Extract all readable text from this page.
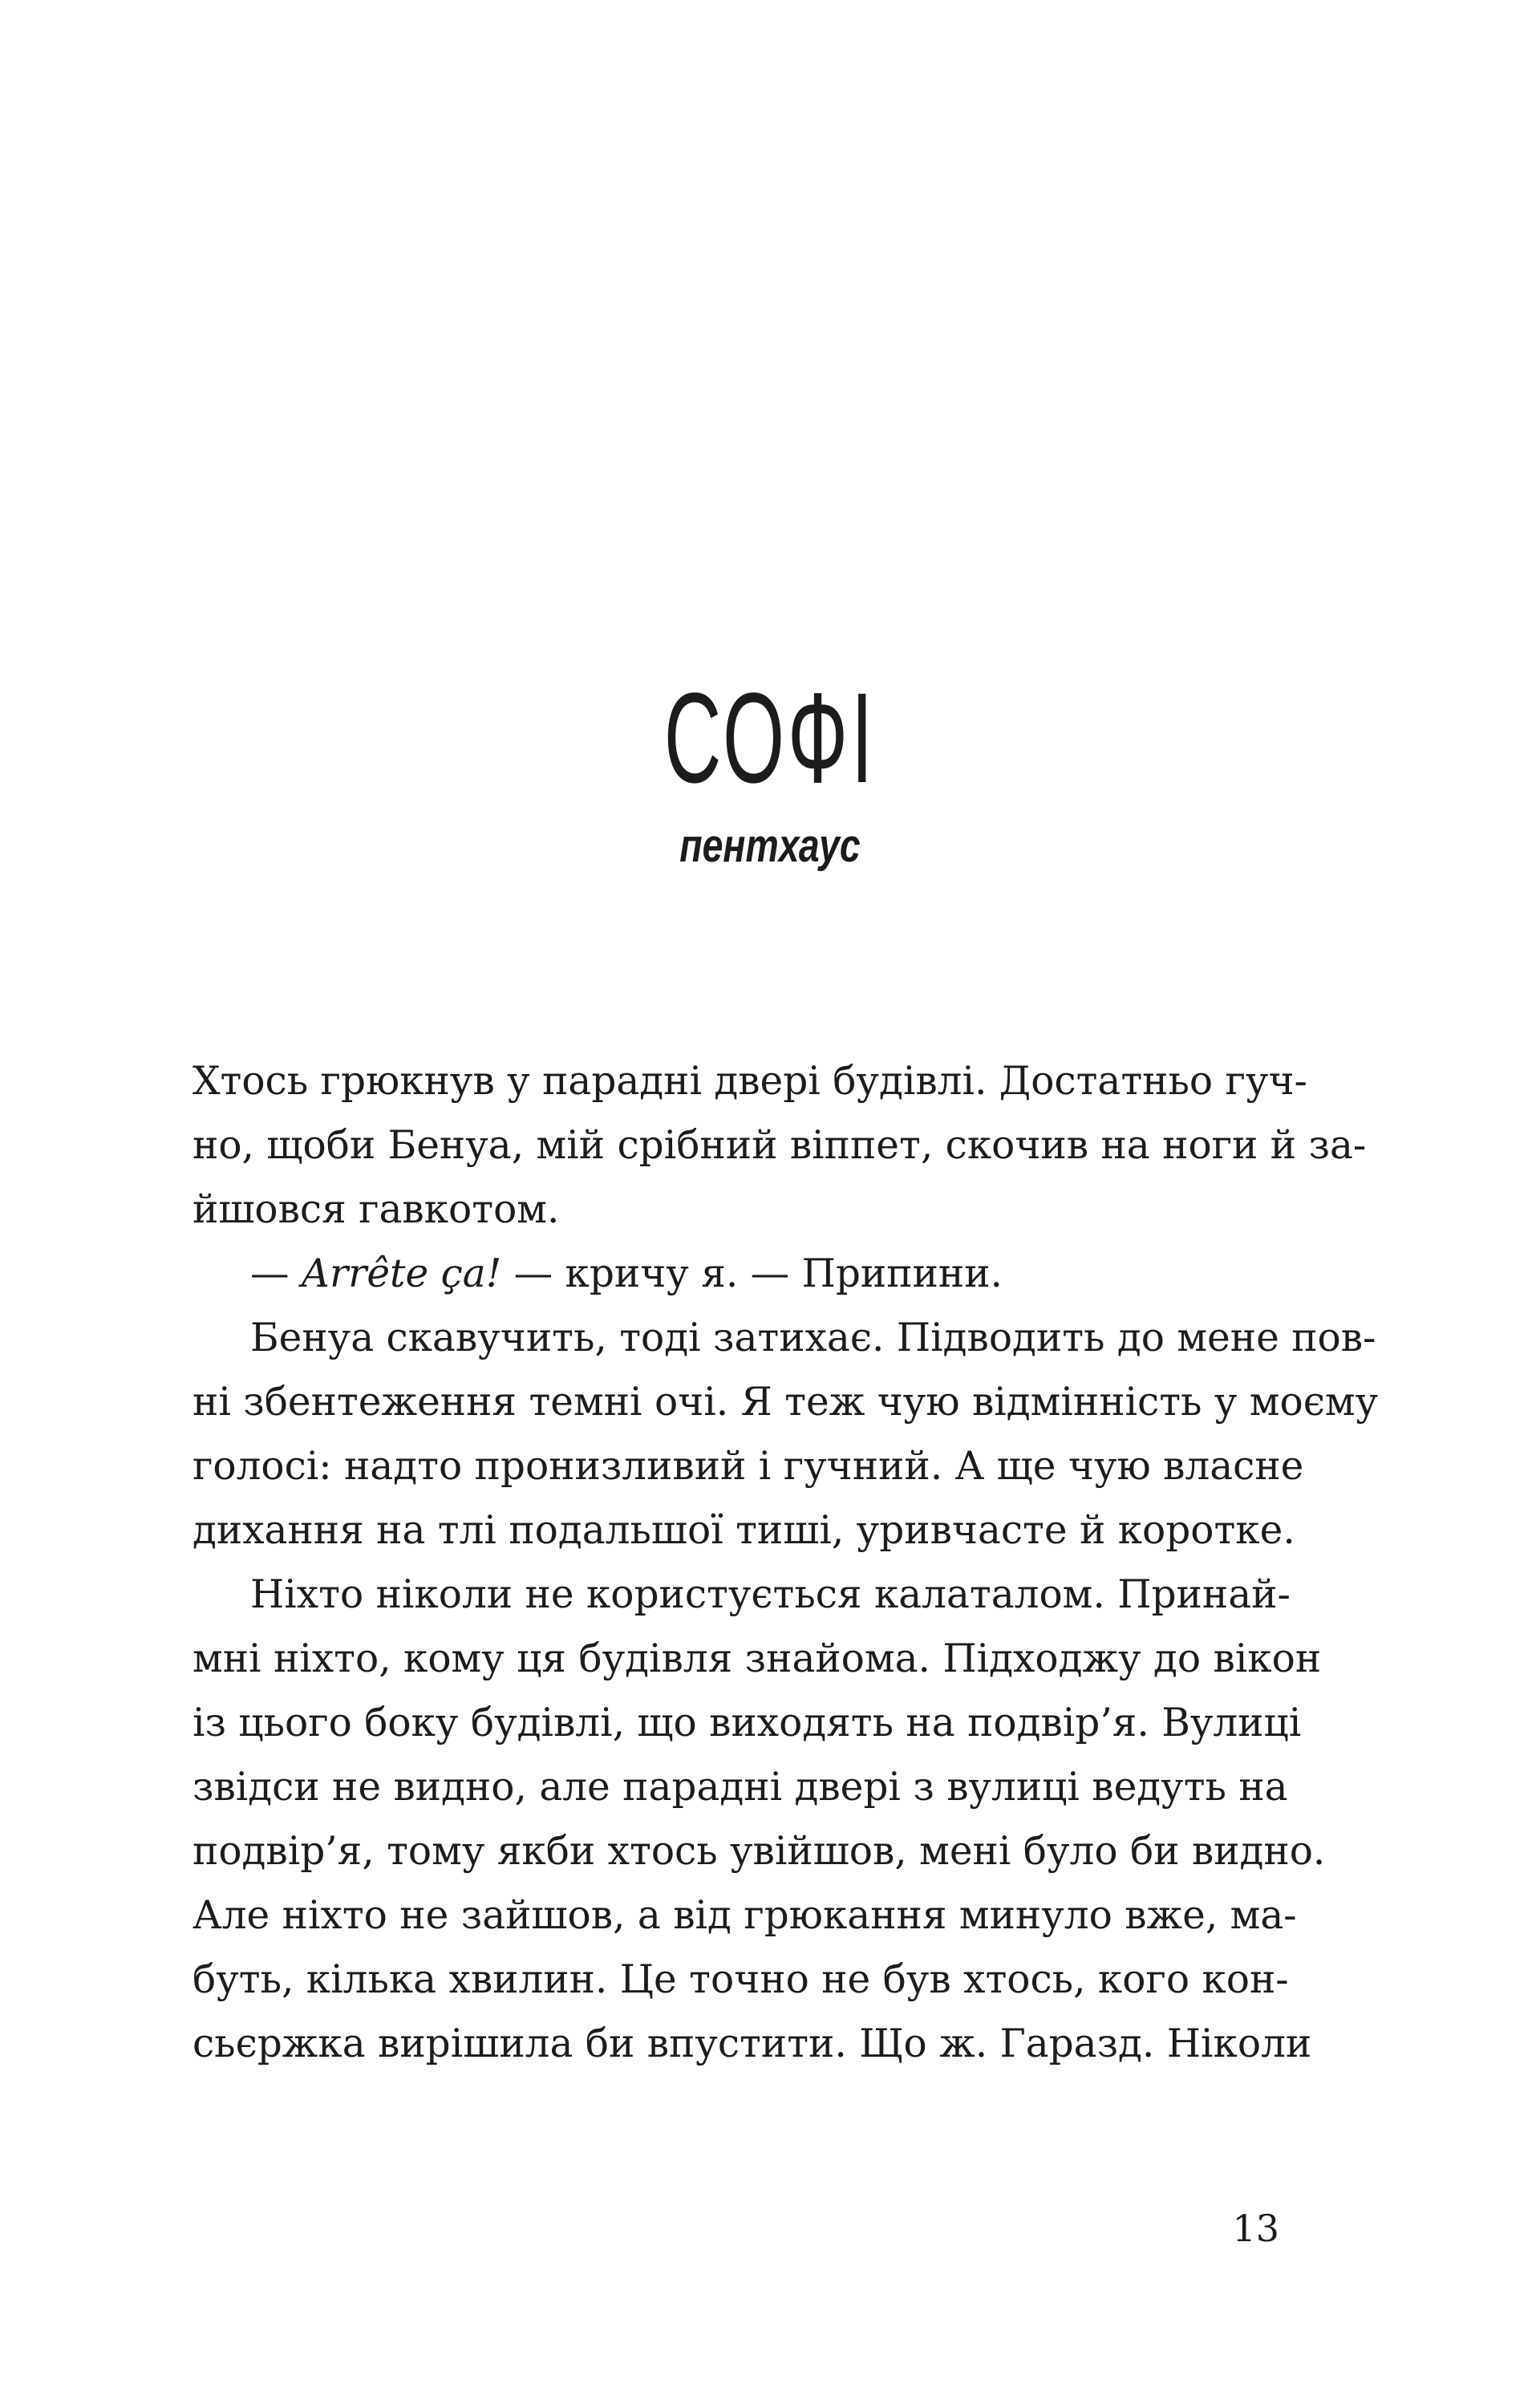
СОФІ
пентхаус
Хтось грюкнув у парадні двері будівлі. Достатньо гуч-
но, щоби Бенуа, мій срібний віппет, скочив на ноги й за-
йшовся гавкотом.
— Arrête ça! — кричу я. — Припини.
Бенуа скавучить, тоді затихає. Підводить до мене пов-
ні збентеження темні очі. Я теж чую відмінність у моєму
голосі: надто пронизливий і гучний. А ще чую власне
дихання на тлі подальшої тиші, уривчасте й коротке.
Ніхто ніколи не користується калаталом. Принай-
мні ніхто, кому ця будівля знайома. Підходжу до вікон
із цього боку будівлі, що виходять на подвір’я. Вулиці
звідси не видно, але парадні двері з вулиці ведуть на
подвір’я, тому якби хтось увійшов, мені було би видно.
Але ніхто не зайшов, а від грюкання минуло вже, ма-
буть, кілька хвилин. Це точно не був хтось, кого кон-
сьєржка вирішила би впустити. Що ж. Гаразд. Ніколи
13
